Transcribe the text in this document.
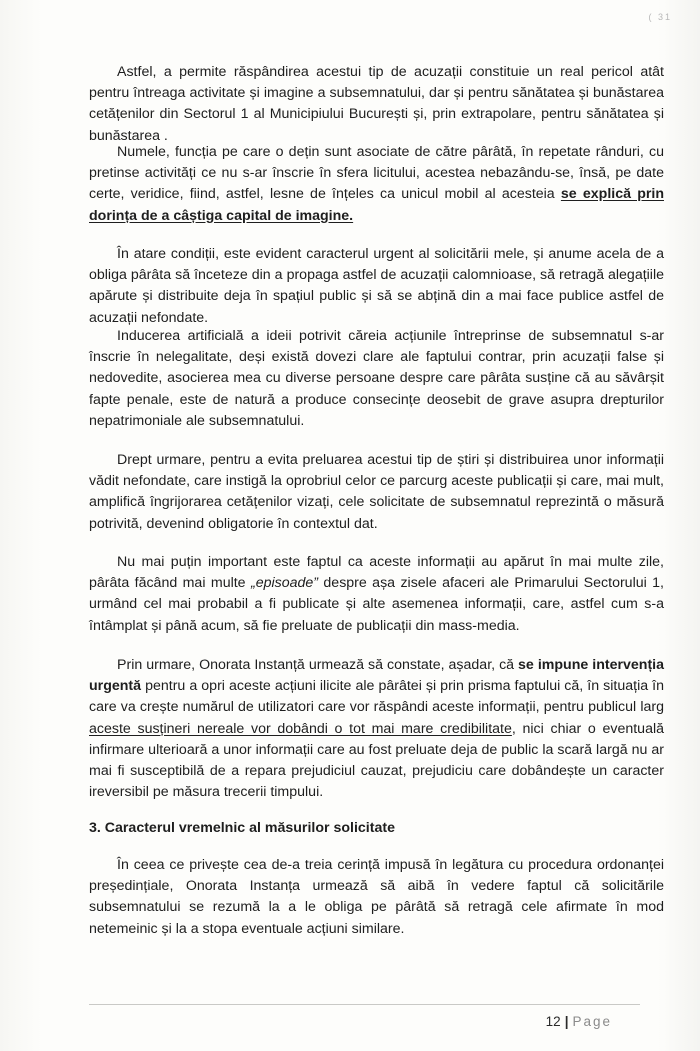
( 31

Astfel, a permite răspândirea acestui tip de acuzații constituie un real pericol atât pentru întreaga activitate și imagine a subsemnatului, dar și pentru sănătatea și bunăstarea cetățenilor din Sectorul 1 al Municipiului București și, prin extrapolare, pentru sănătatea și bunăstarea .

Numele, funcția pe care o dețin sunt asociate de către pârâtă, în repetate rânduri, cu pretinse activități ce nu s-ar înscrie în sfera licitului, acestea nebazându-se, însă, pe date certe, veridice, fiind, astfel, lesne de înțeles ca unicul mobil al acesteia se explică prin dorința de a câștiga capital de imagine.

În atare condiții, este evident caracterul urgent al solicitării mele, și anume acela de a obliga pârâta să înceteze din a propaga astfel de acuzații calomnioase, să retragă alegațiile apărute și distribuite deja în spațiul public și să se abțină din a mai face publice astfel de acuzații nefondate.

Inducerea artificială a ideii potrivit căreia acțiunile întreprinse de subsemnatul s-ar înscrie în nelegalitate, deși există dovezi clare ale faptului contrar, prin acuzații false și nedovedite, asocierea mea cu diverse persoane despre care pârâta susține că au săvârșit fapte penale, este de natură a produce consecințe deosebit de grave asupra drepturilor nepatrimoniale ale subsemnatului.

Drept urmare, pentru a evita preluarea acestui tip de știri și distribuirea unor informații vădit nefondate, care instigă la oprobriul celor ce parcurg aceste publicații și care, mai mult, amplifică îngrijorarea cetățenilor vizați, cele solicitate de subsemnatul reprezintă o măsură potrivită, devenind obligatorie în contextul dat.

Nu mai puțin important este faptul ca aceste informații au apărut în mai multe zile, pârâta făcând mai multe „episoade” despre așa zisele afaceri ale Primarului Sectorului 1, urmând cel mai probabil a fi publicate și alte asemenea informații, care, astfel cum s-a întâmplat și până acum, să fie preluate de publicații din mass-media.

Prin urmare, Onorata Instanță urmează să constate, așadar, că se impune intervenția urgentă pentru a opri aceste acțiuni ilicite ale pârâtei și prin prisma faptului că, în situația în care va crește numărul de utilizatori care vor răspândi aceste informații, pentru publicul larg aceste susțineri nereale vor dobândi o tot mai mare credibilitate, nici chiar o eventuală infirmare ulterioară a unor informații care au fost preluate deja de public la scară largă nu ar mai fi susceptibilă de a repara prejudiciul cauzat, prejudiciu care dobândește un caracter ireversibil pe măsura trecerii timpului.

3. Caracterul vremelnic al măsurilor solicitate

În ceea ce privește cea de-a treia cerință impusă în legătura cu procedura ordonanței președințiale, Onorata Instanța urmează să aibă în vedere faptul că solicitările subsemnatului se rezumă la a le obliga pe pârâtă să retragă cele afirmate în mod netemeinic și la a stopa eventuale acțiuni similare.

12 | Page
